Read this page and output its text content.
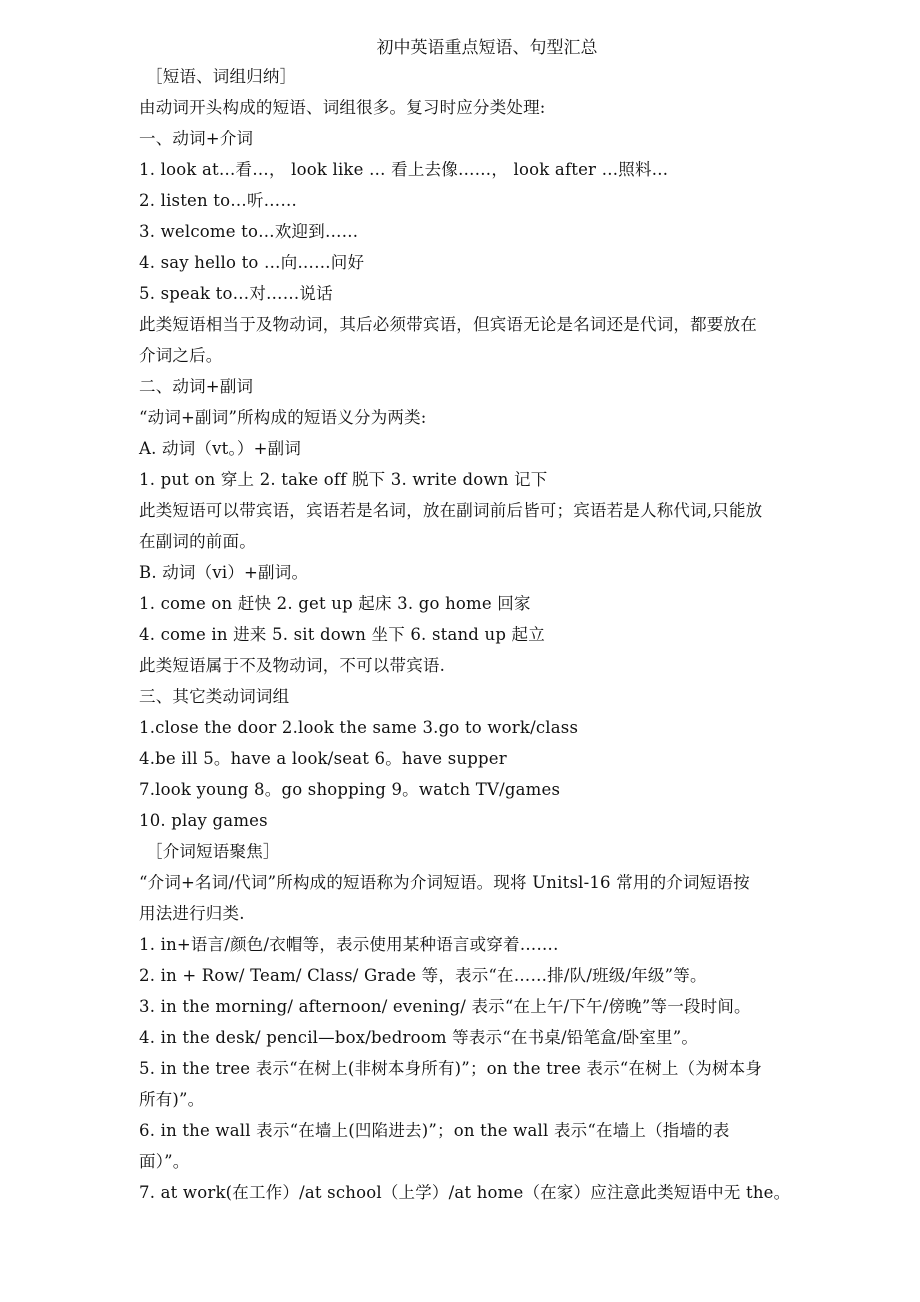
初中英语重点短语、句型汇总
［短语、词组归纳］
由动词开头构成的短语、词组很多。复习时应分类处理:
一、动词+介词
1. look at…看…， look like … 看上去像……， look after …照料…
2. listen to…听……
3. welcome to…欢迎到……
4. say hello to …向……问好
5. speak to…对……说话
此类短语相当于及物动词，其后必须带宾语，但宾语无论是名词还是代词，都要放在
介词之后。
二、动词+副词
“动词+副词”所构成的短语义分为两类:
A. 动词（vt。）+副词
1. put on 穿上 2. take off 脱下 3. write down 记下
此类短语可以带宾语，宾语若是名词，放在副词前后皆可；宾语若是人称代词,只能放
在副词的前面。
B. 动词（vi）+副词。
1. come on 赶快 2. get up 起床 3. go home 回家
4. come in 进来 5. sit down 坐下 6. stand up 起立
此类短语属于不及物动词，不可以带宾语.
三、其它类动词词组
1.close the door 2.look the same 3.go to work/class
4.be ill 5。have a look/seat 6。have supper
7.look young 8。go shopping 9。watch TV/games
10. play games
［介词短语聚焦］
“介词+名词/代词”所构成的短语称为介词短语。现将 Unitsl-16 常用的介词短语按
用法进行归类.
1. in+语言/颜色/衣帽等，表示使用某种语言或穿着…….
2. in + Row/ Team/ Class/ Grade 等，表示“在……排/队/班级/年级”等。
3. in the morning/ afternoon/ evening/ 表示“在上午/下午/傍晚”等一段时间。
4. in the desk/ pencil—box/bedroom 等表示“在书桌/铅笔盒/卧室里”。
5. in the tree 表示“在树上(非树本身所有)”；on the tree 表示“在树上（为树本身
所有)”。
6. in the wall 表示“在墙上(凹陷进去)”；on the wall 表示“在墙上（指墙的表
面）”。
7. at work(在工作）/at school（上学）/at home（在家）应注意此类短语中无 the。
